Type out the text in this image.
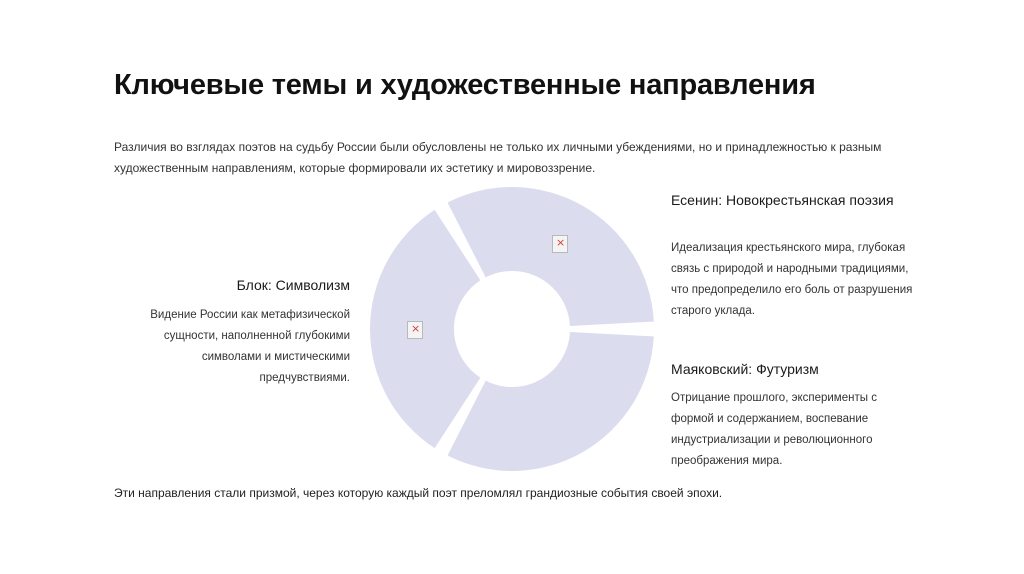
Ключевые темы и художественные направления
Различия во взглядах поэтов на судьбу России были обусловлены не только их личными убеждениями, но и принадлежностью к разным художественным направлениям, которые формировали их эстетику и мировоззрение.
×
×
Блок: Символизм
Видение России как метафизической сущности, наполненной глубокими символами и мистическими предчувствиями.
Есенин: Новокрестьянская поэзия
Идеализация крестьянского мира, глубокая связь с природой и народными традициями, что предопределило его боль от разрушения старого уклада.
Маяковский: Футуризм
Отрицание прошлого, эксперименты с формой и содержанием, воспевание индустриализации и революционного преображения мира.
Эти направления стали призмой, через которую каждый поэт преломлял грандиозные события своей эпохи.
